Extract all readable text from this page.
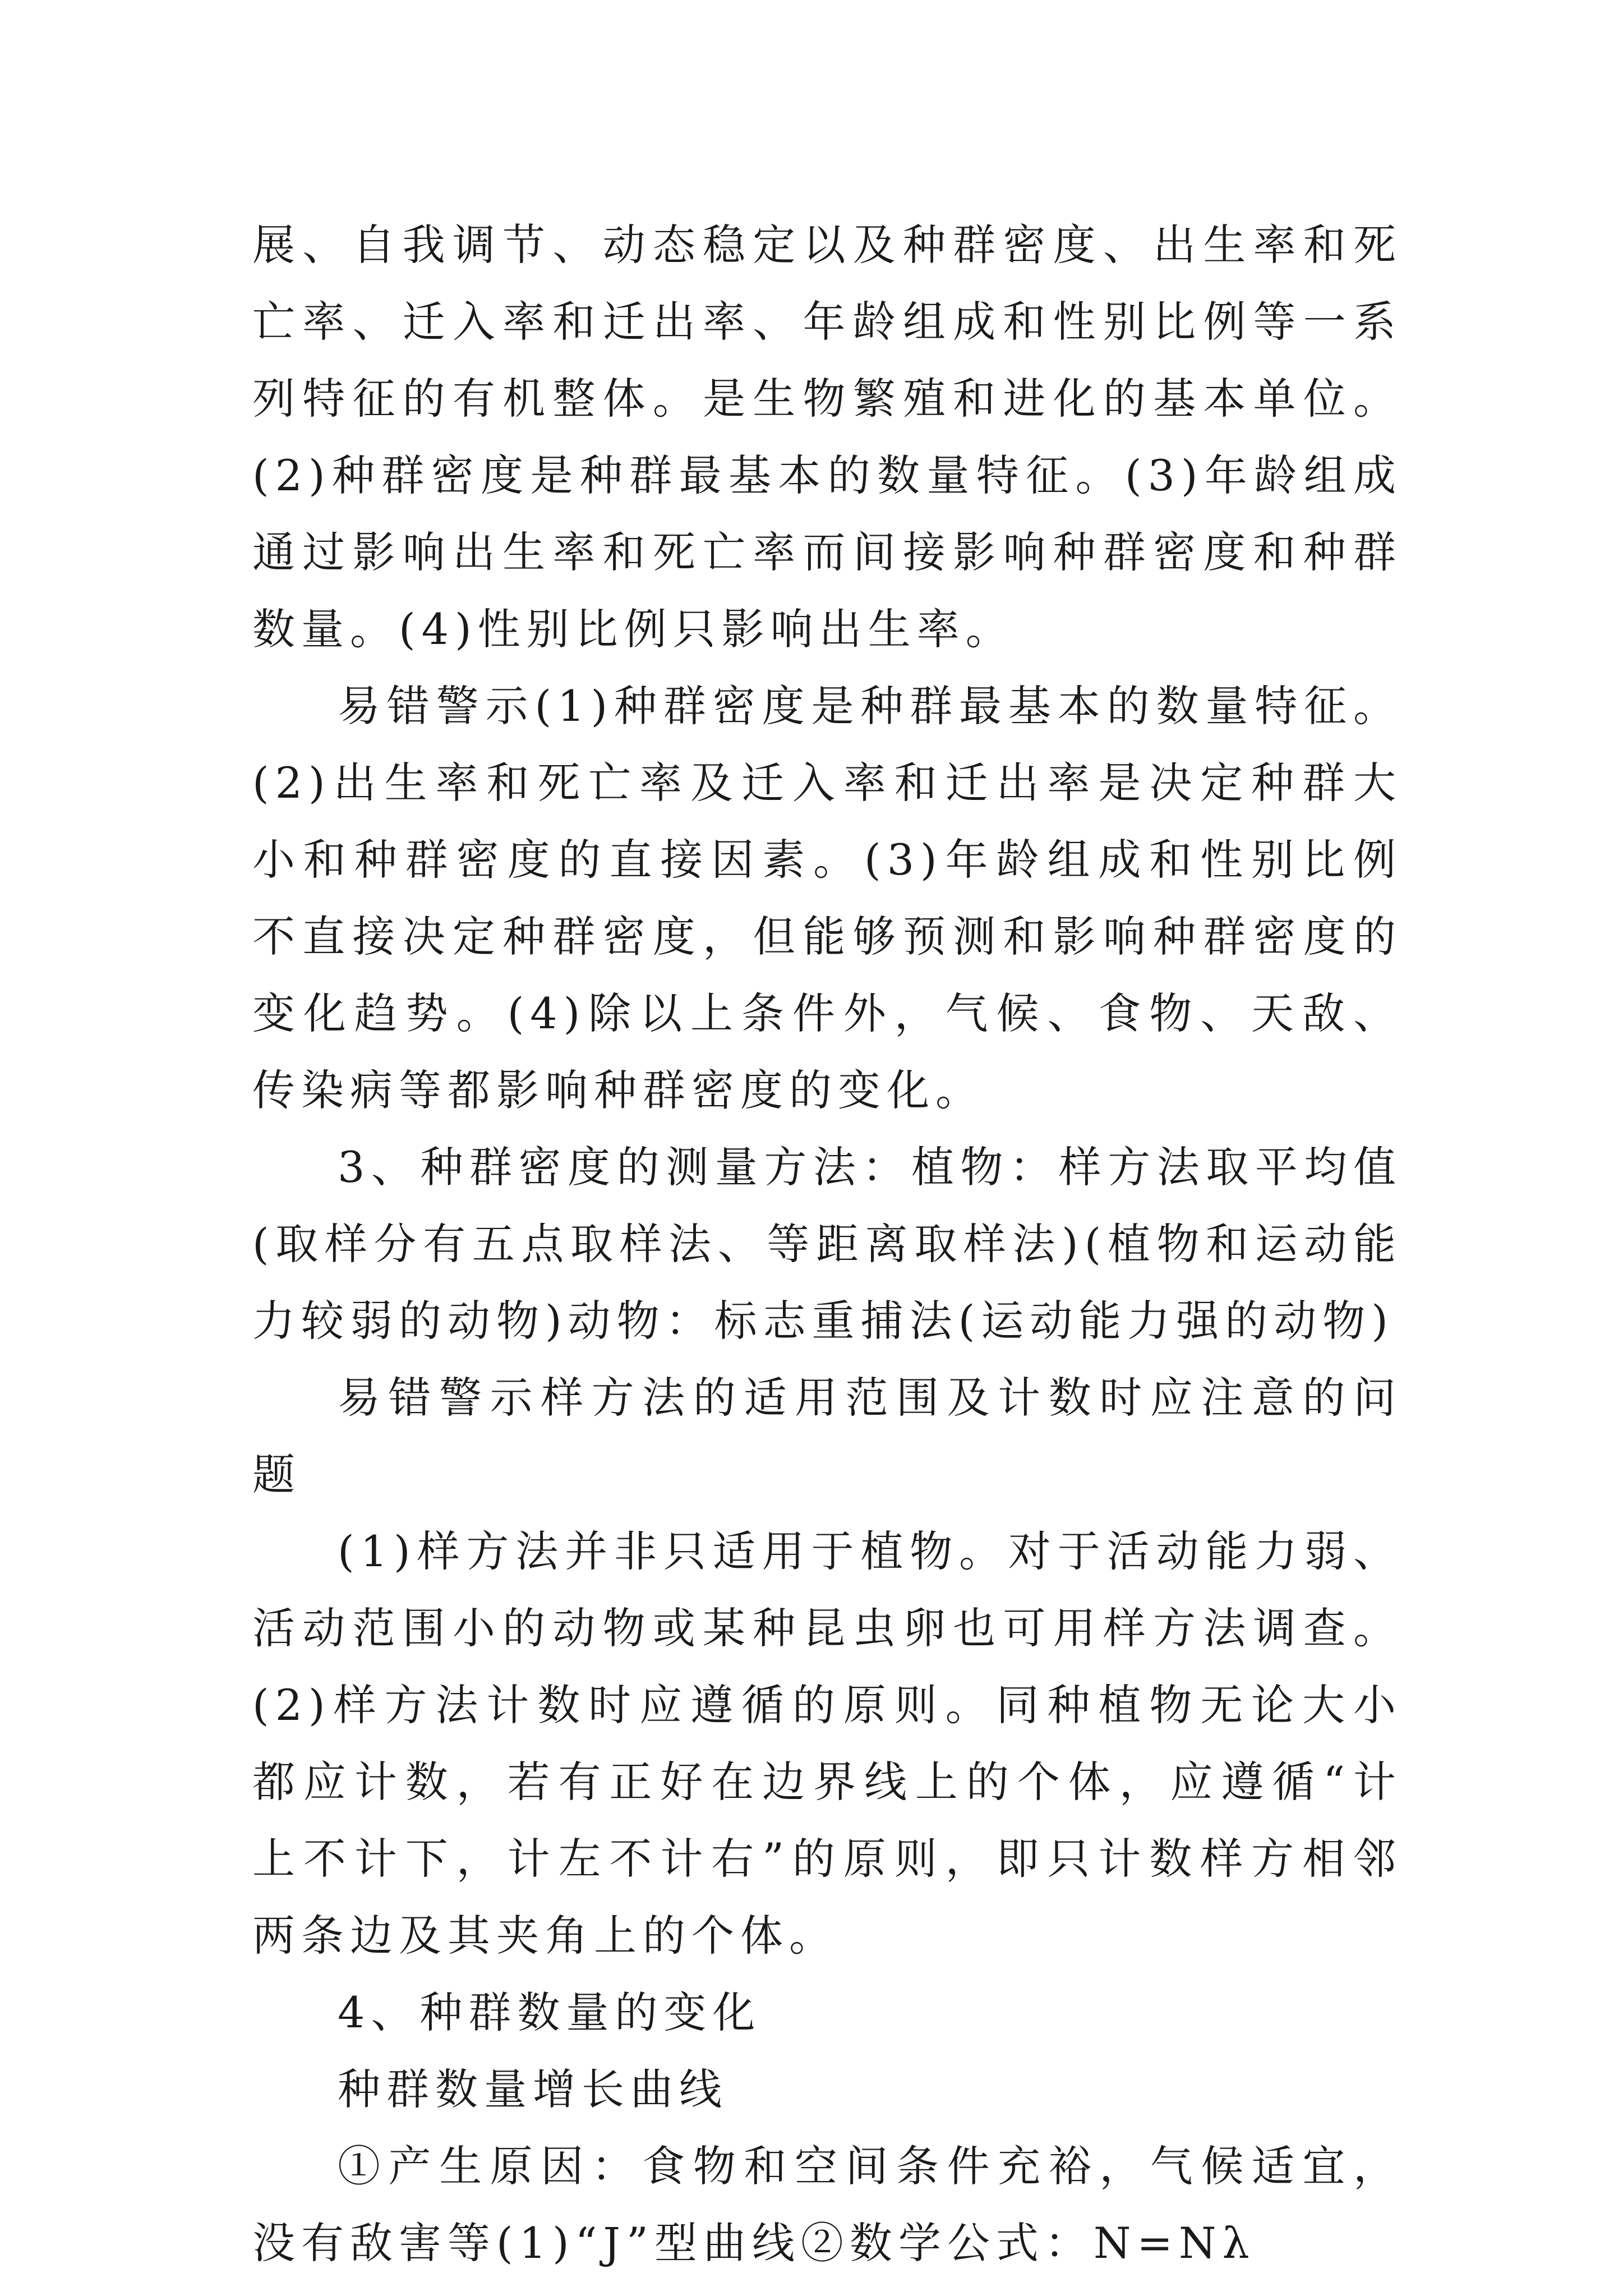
展、自我调节、动态稳定以及种群密度、出生率和死亡率、迁入率和迁出率、年龄组成和性别比例等一系列特征的有机整体。是生物繁殖和进化的基本单位。(2)种群密度是种群最基本的数量特征。(3)年龄组成通过影响出生率和死亡率而间接影响种群密度和种群数量。(4)性别比例只影响出生率。

易错警示(1)种群密度是种群最基本的数量特征。(2)出生率和死亡率及迁入率和迁出率是决定种群大小和种群密度的直接因素。(3)年龄组成和性别比例不直接决定种群密度，但能够预测和影响种群密度的变化趋势。(4)除以上条件外，气候、食物、天敌、传染病等都影响种群密度的变化。

3、种群密度的测量方法：植物：样方法取平均值(取样分有五点取样法、等距离取样法)(植物和运动能力较弱的动物)动物：标志重捕法(运动能力强的动物)

易错警示样方法的适用范围及计数时应注意的问题

(1)样方法并非只适用于植物。对于活动能力弱、活动范围小的动物或某种昆虫卵也可用样方法调查。(2)样方法计数时应遵循的原则。同种植物无论大小都应计数，若有正好在边界线上的个体，应遵循“计上不计下，计左不计右”的原则，即只计数样方相邻两条边及其夹角上的个体。

4、种群数量的变化

种群数量增长曲线

①产生原因：食物和空间条件充裕，气候适宜，没有敌害等(1)“J”型曲线②数学公式：N=Nλ
